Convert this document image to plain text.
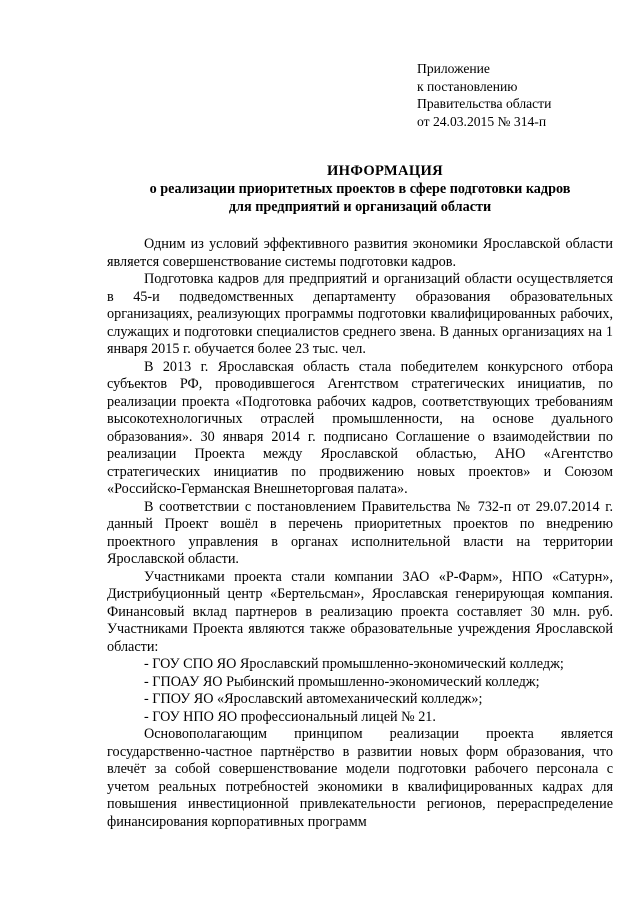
Приложение
к постановлению
Правительства области
от 24.03.2015 № 314-п
ИНФОРМАЦИЯ
о реализации приоритетных проектов в сфере подготовки кадров
для предприятий и организаций области

Одним из условий эффективного развития экономики Ярославской области является совершенствование системы подготовки кадров.

Подготовка кадров для предприятий и организаций области осуществляется в 45-и подведомственных департаменту образования образовательных организациях, реализующих программы подготовки квалифицированных рабочих, служащих и подготовки специалистов среднего звена. В данных организациях на 1 января 2015 г. обучается более 23 тыс. чел.

В 2013 г. Ярославская область стала победителем конкурсного отбора субъектов РФ, проводившегося Агентством стратегических инициатив, по реализации проекта «Подготовка рабочих кадров, соответствующих требованиям высокотехнологичных отраслей промышленности, на основе дуального образования». 30 января 2014 г. подписано Соглашение о взаимодействии по реализации Проекта между Ярославской областью, АНО «Агентство стратегических инициатив по продвижению новых проектов» и Союзом «Российско-Германская Внешнеторговая палата».

В соответствии с постановлением Правительства № 732-п от 29.07.2014 г. данный Проект вошёл в перечень приоритетных проектов по внедрению проектного управления в органах исполнительной власти на территории Ярославской области.

Участниками проекта стали компании ЗАО «Р-Фарм», НПО «Сатурн», Дистрибуционный центр «Бертельсман», Ярославская генерирующая компания. Финансовый вклад партнеров в реализацию проекта составляет 30 млн. руб. Участниками Проекта являются также образовательные учреждения Ярославской области:

- ГОУ СПО ЯО Ярославский промышленно-экономический колледж;

- ГПОАУ ЯО Рыбинский промышленно-экономический колледж;

- ГПОУ ЯО «Ярославский автомеханический колледж»;

- ГОУ НПО ЯО профессиональный лицей № 21.

Основополагающим принципом реализации проекта является государственно-частное партнёрство в развитии новых форм образования, что влечёт за собой совершенствование модели подготовки рабочего персонала с учетом реальных потребностей экономики в квалифицированных кадрах для повышения инвестиционной привлекательности регионов, перераспределение финансирования корпоративных программ
